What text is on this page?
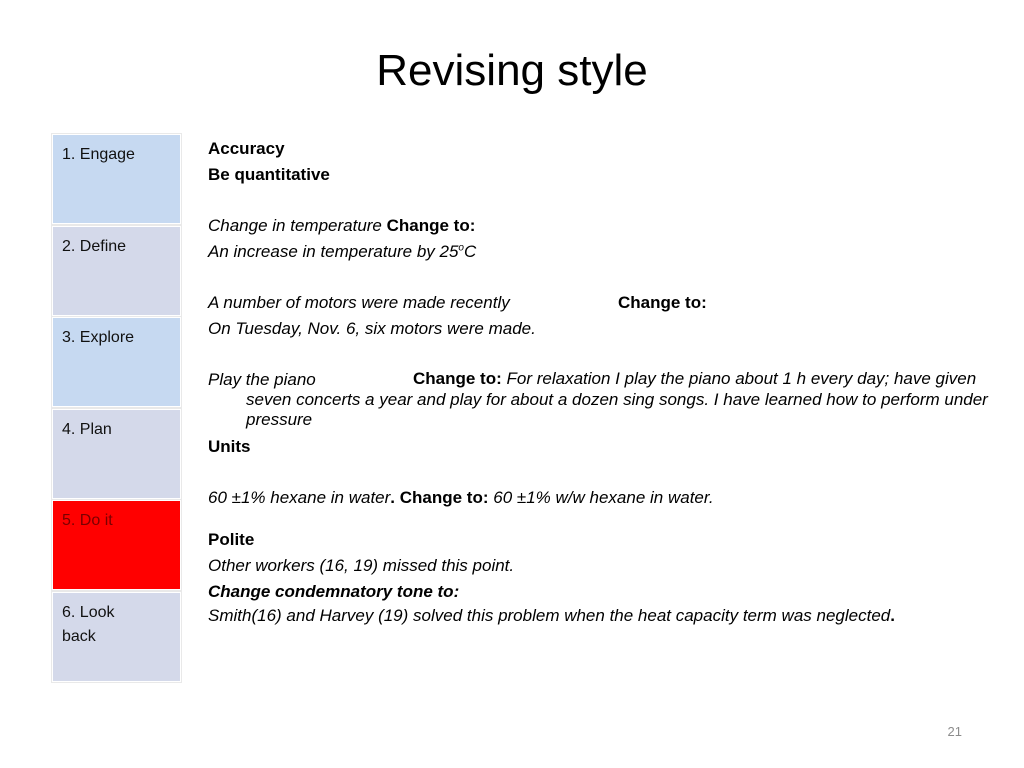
Revising style
1. Engage
2. Define
3. Explore
4. Plan
5. Do it
6. Look
back
Accuracy
Be quantitative
Change in temperature Change to:
An increase in temperature by 25$^o$C
A number of motors were made recently	Change to:
On Tuesday, Nov. 6, six motors were made.
Play the piano	Change to: For relaxation I play the piano about 1 h every day; have given seven concerts a year and play for about a dozen sing songs. I have learned how to perform under pressure
Units
60 ±1% hexane in water. Change to: 60 ±1% w/w hexane in water.
Polite
Other workers (16, 19) missed this point.
Change condemnatory tone to:
Smith(16) and Harvey (19) solved this problem when the heat capacity term was neglected.
21
